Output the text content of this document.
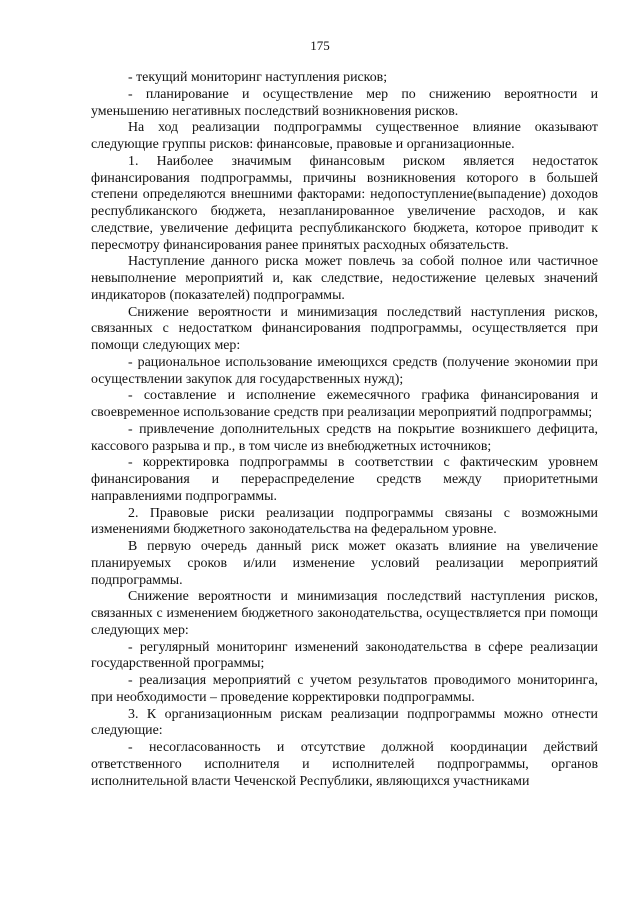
175

- текущий мониторинг наступления рисков;

- планирование и осуществление мер по снижению вероятности и уменьшению негативных последствий возникновения рисков.

На ход реализации подпрограммы существенное влияние оказывают следующие группы рисков: финансовые, правовые и организационные.

1. Наиболее значимым финансовым риском является недостаток финансирования подпрограммы, причины возникновения которого в большей степени определяются внешними факторами: недопоступление(выпадение) доходов республиканского бюджета, незапланированное увеличение расходов, и как следствие, увеличение дефицита республиканского бюджета, которое приводит к пересмотру финансирования ранее принятых расходных обязательств.

Наступление данного риска может повлечь за собой полное или частичное невыполнение мероприятий и, как следствие, недостижение целевых значений индикаторов (показателей) подпрограммы.

Снижение вероятности и минимизация последствий наступления рисков, связанных с недостатком финансирования подпрограммы, осуществляется при помощи следующих мер:

- рациональное использование имеющихся средств (получение экономии при осуществлении закупок для государственных нужд);

- составление и исполнение ежемесячного графика финансирования и своевременное использование средств при реализации мероприятий подпрограммы;

- привлечение дополнительных средств на покрытие возникшего дефицита, кассового разрыва и пр., в том числе из внебюджетных источников;

- корректировка подпрограммы в соответствии с фактическим уровнем финансирования и перераспределение средств между приоритетными направлениями подпрограммы.

2. Правовые риски реализации подпрограммы связаны с возможными изменениями бюджетного законодательства на федеральном уровне.

В первую очередь данный риск может оказать влияние на увеличение планируемых сроков и/или изменение условий реализации мероприятий подпрограммы.

Снижение вероятности и минимизация последствий наступления рисков, связанных с изменением бюджетного законодательства, осуществляется при помощи следующих мер:

- регулярный мониторинг изменений законодательства в сфере реализации государственной программы;

- реализация мероприятий с учетом результатов проводимого мониторинга, при необходимости – проведение корректировки подпрограммы.

3. К организационным рискам реализации подпрограммы можно отнести следующие:

- несогласованность и отсутствие должной координации действий ответственного исполнителя и исполнителей подпрограммы, органов исполнительной власти Чеченской Республики, являющихся участниками
